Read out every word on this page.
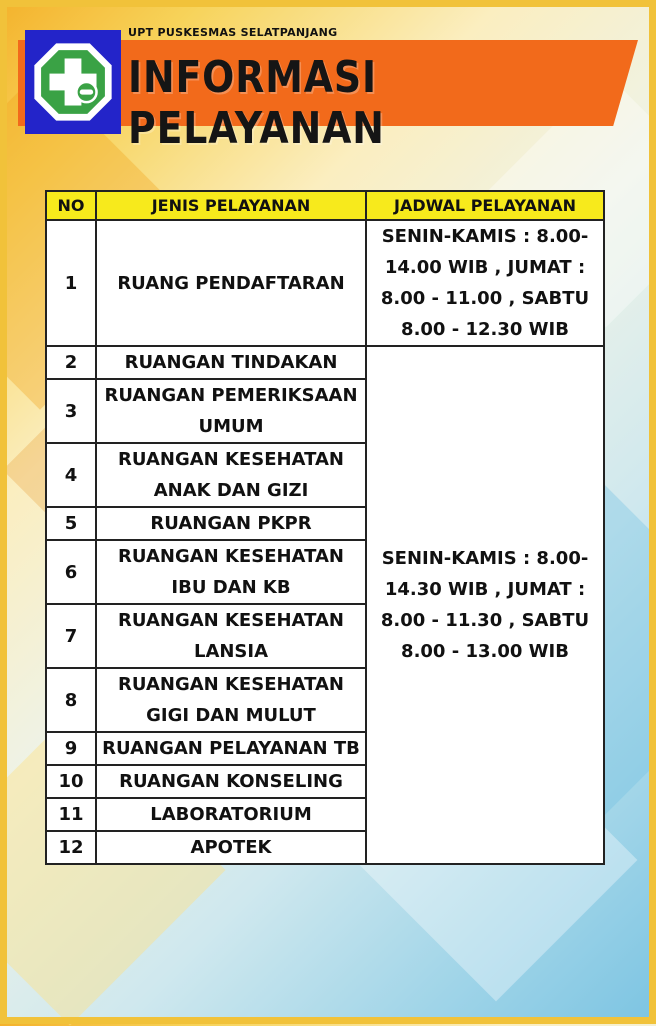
UPT PUSKESMAS SELATPANJANG
INFORMASI PELAYANAN
NO	JENIS PELAYANAN	JADWAL PELAYANAN
1	RUANG PENDAFTARAN	SENIN-KAMIS : 8.00-14.00 WIB , JUMAT : 8.00 - 11.00 , SABTU 8.00 - 12.30 WIB
2	RUANGAN TINDAKAN	SENIN-KAMIS : 8.00-14.30 WIB , JUMAT : 8.00 - 11.30 , SABTU 8.00 - 13.00 WIB
3	RUANGAN PEMERIKSAAN UMUM	
4	RUANGAN KESEHATAN ANAK DAN GIZI	
5	RUANGAN PKPR	
6	RUANGAN KESEHATAN IBU DAN KB	
7	RUANGAN KESEHATAN LANSIA	
8	RUANGAN KESEHATAN GIGI DAN MULUT	
9	RUANGAN PELAYANAN TB	
10	RUANGAN KONSELING	
11	LABORATORIUM	
12	APOTEK	
